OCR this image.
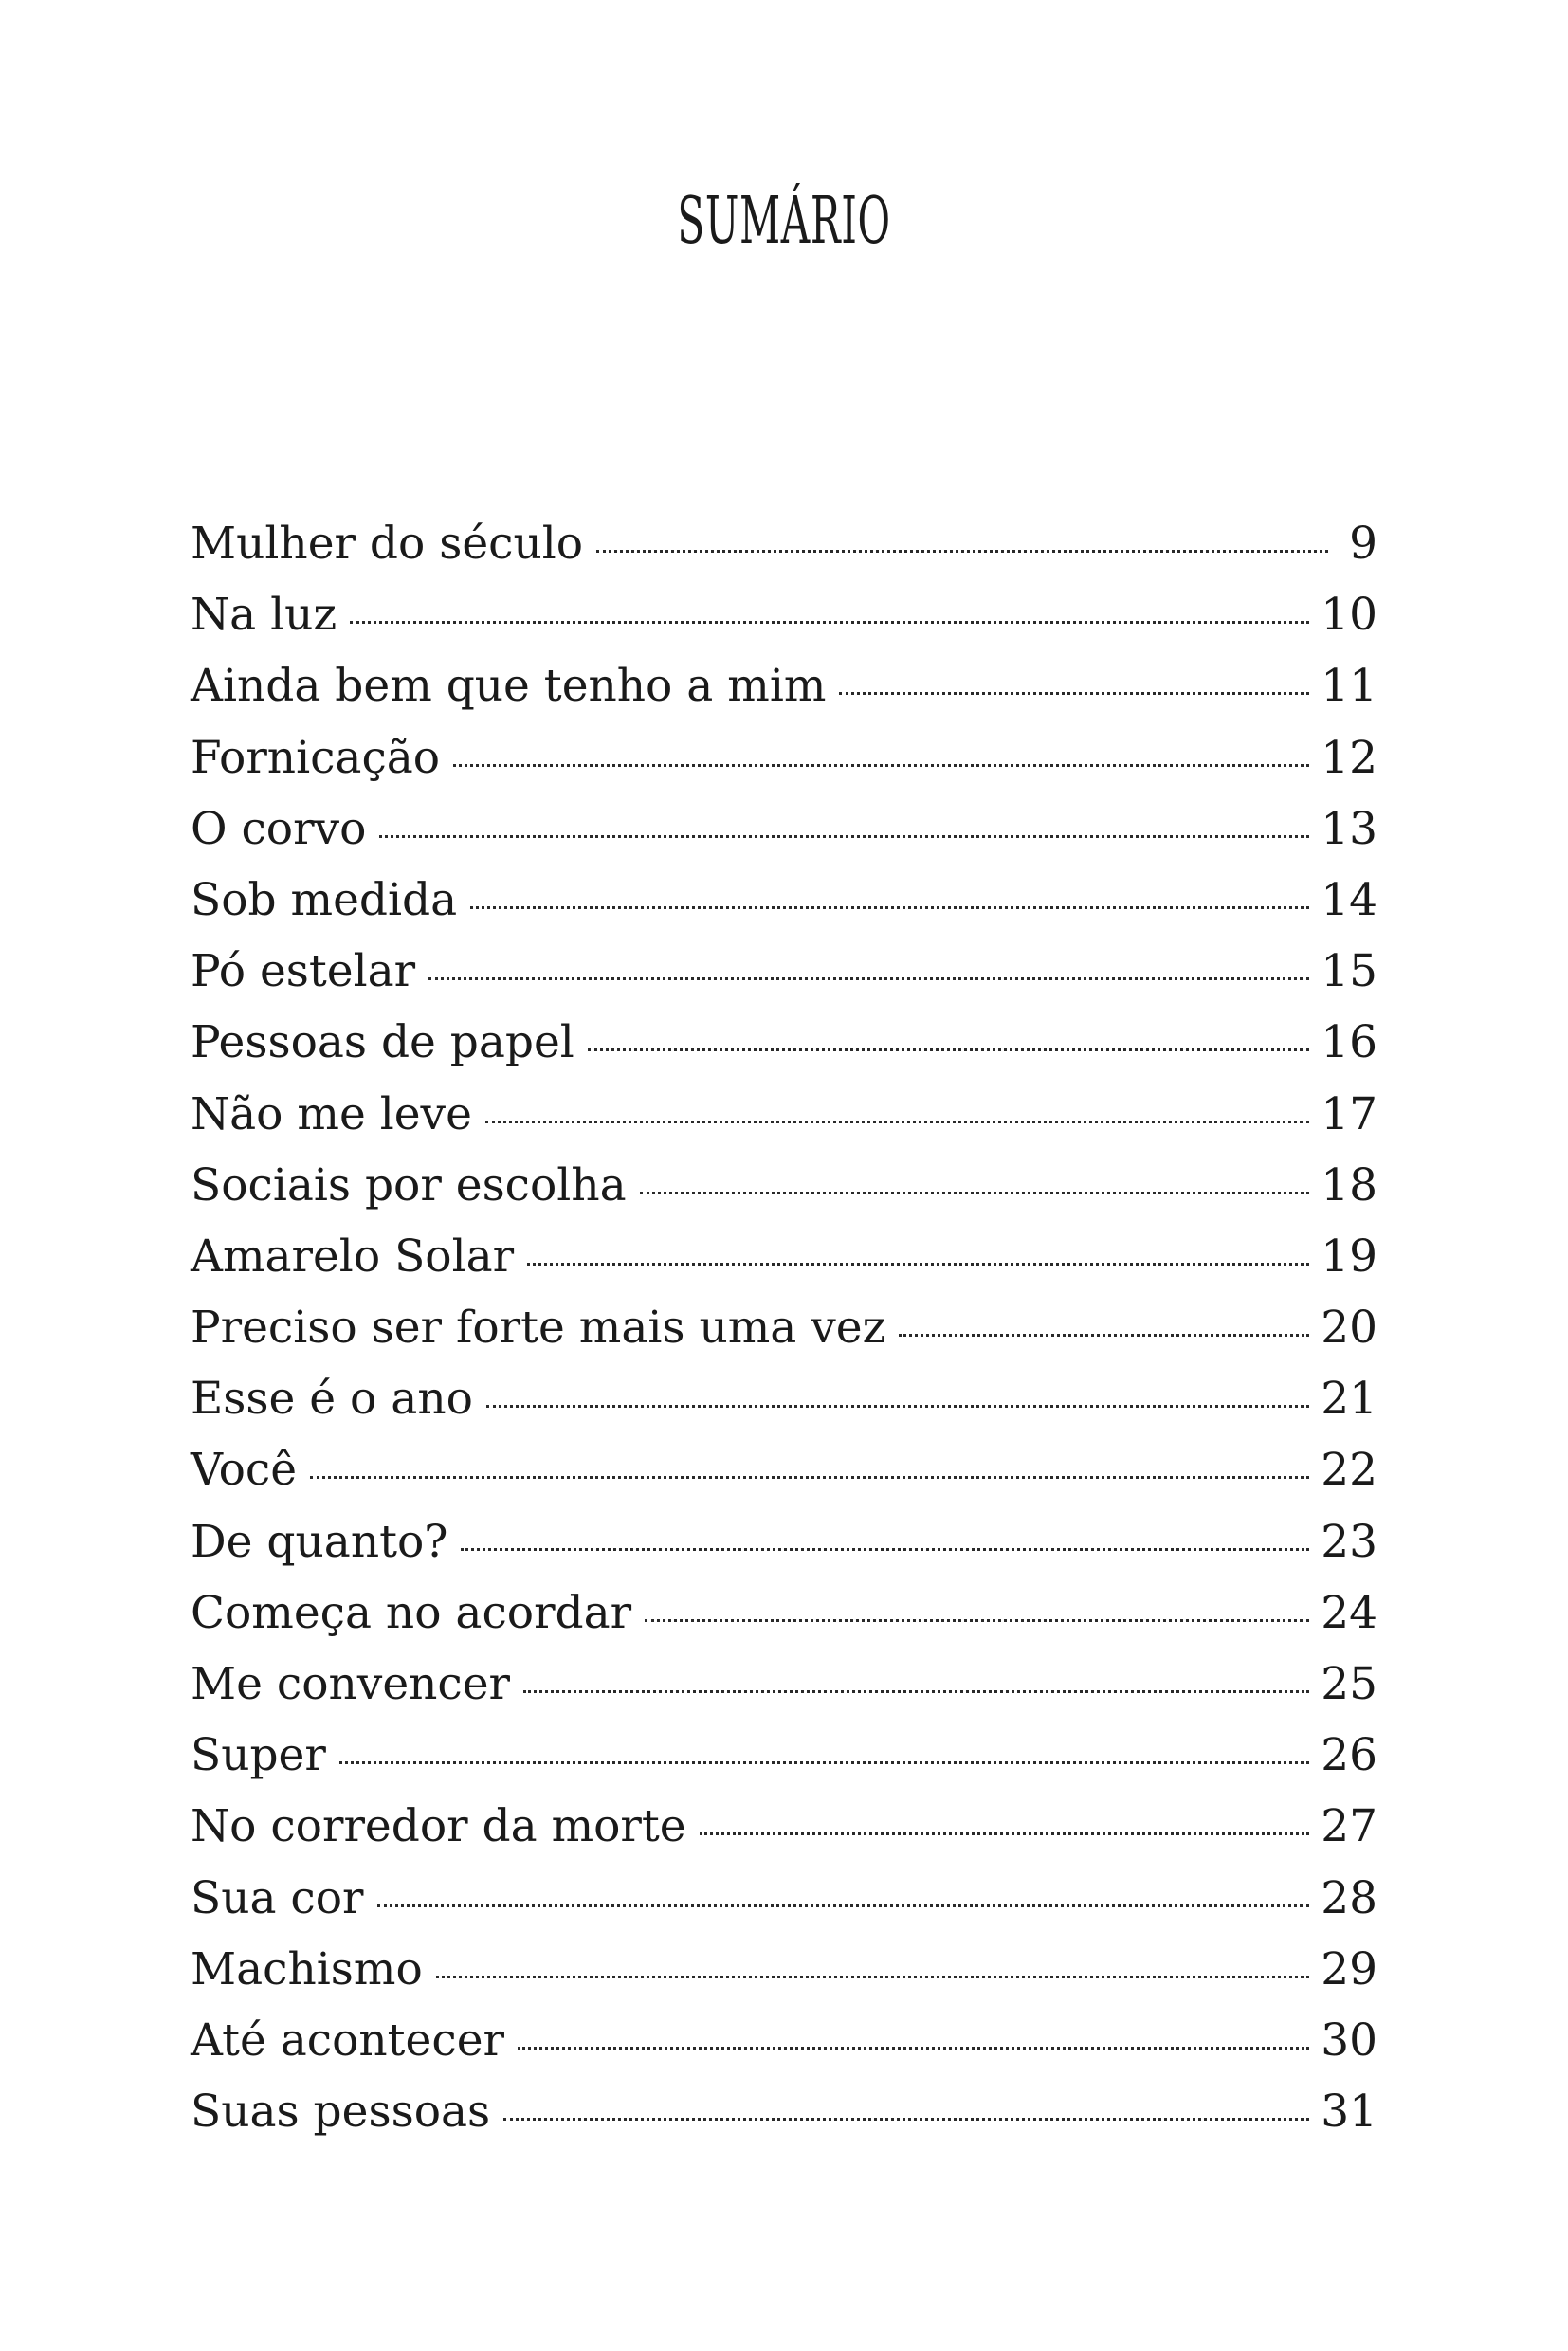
SUMÁRIO
Mulher do século	9
Na luz	10
Ainda bem que tenho a mim	11
Fornicação	12
O corvo	13
Sob medida	14
Pó estelar	15
Pessoas de papel	16
Não me leve	17
Sociais por escolha	18
Amarelo Solar	19
Preciso ser forte mais uma vez	20
Esse é o ano	21
Você	22
De quanto?	23
Começa no acordar	24
Me convencer	25
Super	26
No corredor da morte	27
Sua cor	28
Machismo	29
Até acontecer	30
Suas pessoas	31
